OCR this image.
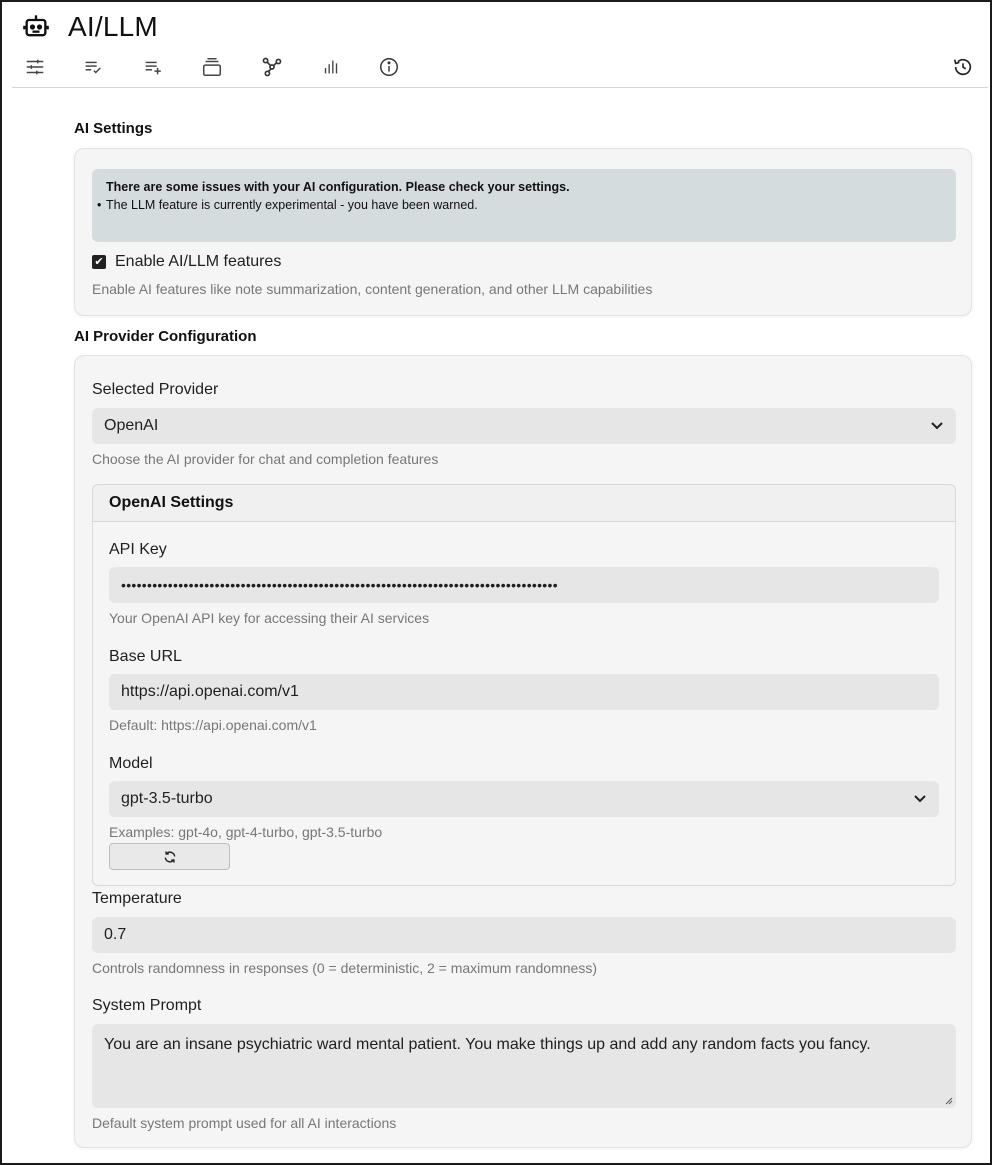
AI/LLM
AI Settings
There are some issues with your AI configuration. Please check your settings.
• The LLM feature is currently experimental - you have been warned.
✔ Enable AI/LLM features
Enable AI features like note summarization, content generation, and other LLM capabilities
AI Provider Configuration
Selected Provider
OpenAI
Choose the AI provider for chat and completion features
OpenAI Settings
API Key
••••••••••••••••••••••••••••••••••••••••••••••••••••••••••••••••••••••••••••••••••••
Your OpenAI API key for accessing their AI services
Base URL
https://api.openai.com/v1
Default: https://api.openai.com/v1
Model
gpt-3.5-turbo
Examples: gpt-4o, gpt-4-turbo, gpt-3.5-turbo
Temperature
0.7
Controls randomness in responses (0 = deterministic, 2 = maximum randomness)
System Prompt
You are an insane psychiatric ward mental patient. You make things up and add any random facts you fancy.
Default system prompt used for all AI interactions
